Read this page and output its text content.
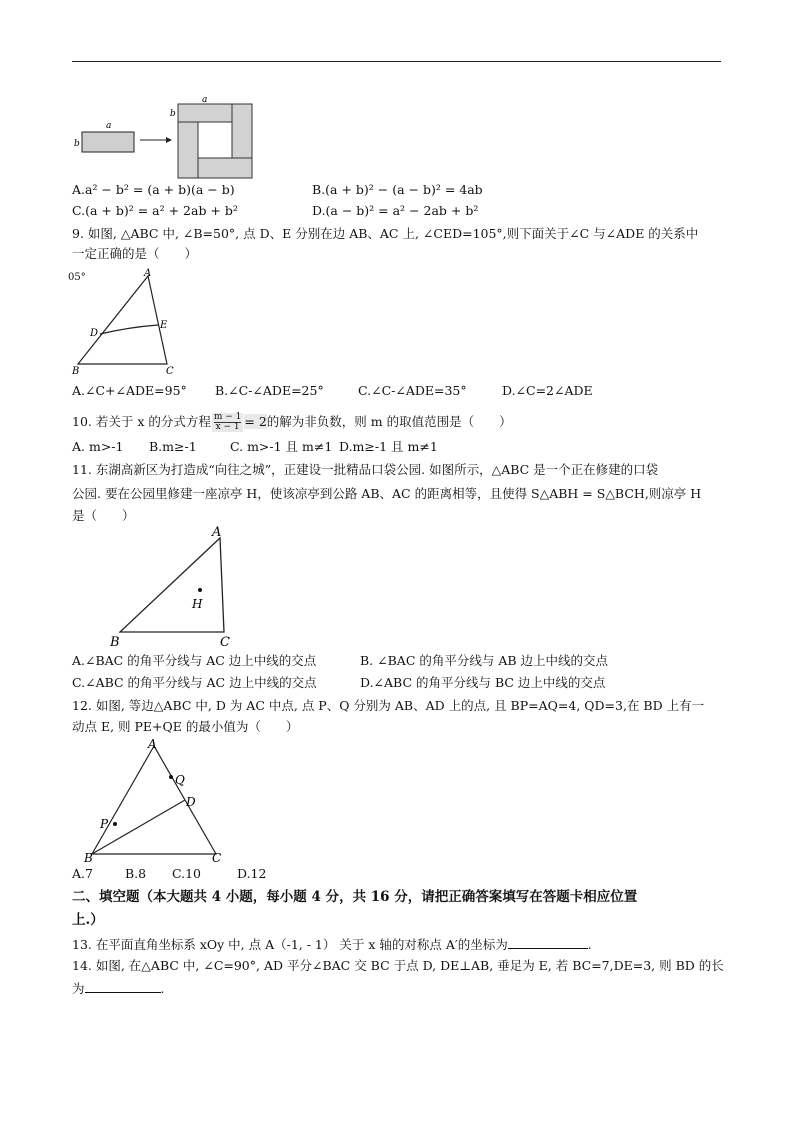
a
b
a
b
A.a² − b² = (a + b)(a − b)	B.(a + b)² − (a − b)² = 4ab
C.(a + b)² = a² + 2ab + b²	D.(a − b)² = a² − 2ab + b²
9. 如图, △ABC 中, ∠B=50°, 点 D、E 分别在边 AB、AC 上, ∠CED=105°,则下面关于∠C 与∠ADE 的关系中
一定正确的是（　　）
05°	A
D
E
B	C
A.∠C+∠ADE=95° B.∠C-∠ADE=25°	C.∠C-∠ADE=35°	D.∠C=2∠ADE
10. 若关于 x 的分式方程 $\frac{m - 1}{x - 1} = 2$的解为非负数，则 m 的取值范围是（　　）
A. m>-1 B.m≥-1	C. m>-1 且 m≠1 D.m≥-1 且 m≠1
11. 东湖高新区为打造成“向往之城”，正建设一批精品口袋公园. 如图所示，△ABC 是一个正在修建的口袋
公园. 要在公园里修建一座凉亭 H，使该凉亭到公路 AB、AC 的距离相等，且使得 S△ABH = S△BCH,则凉亭 H
是（　　）
A
H
B	C
A.∠BAC 的角平分线与 AC 边上中线的交点	B. ∠BAC 的角平分线与 AB 边上中线的交点
C.∠ABC 的角平分线与 AC 边上中线的交点	D.∠ABC 的角平分线与 BC 边上中线的交点
12. 如图, 等边△ABC 中, D 为 AC 中点, 点 P、Q 分别为 AB、AD 上的点, 且 BP=AQ=4, QD=3,在 BD 上有一
动点 E, 则 PE+QE 的最小值为（　　）
A
Q
D
P
B	C
A.7	B.8 C.10	D.12
二、填空题（本大题共 4 小题，每小题 4 分，共 16 分，请把正确答案填写在答题卡相应位置
上.）
13. 在平面直角坐标系 xOy 中, 点 A（-1, - 1） 关于 x 轴的对称点 A′的坐标为	.
14. 如图, 在△ABC 中, ∠C=90°, AD 平分∠BAC 交 BC 于点 D, DE⊥AB, 垂足为 E, 若 BC=7,DE=3, 则 BD 的长
为	.
